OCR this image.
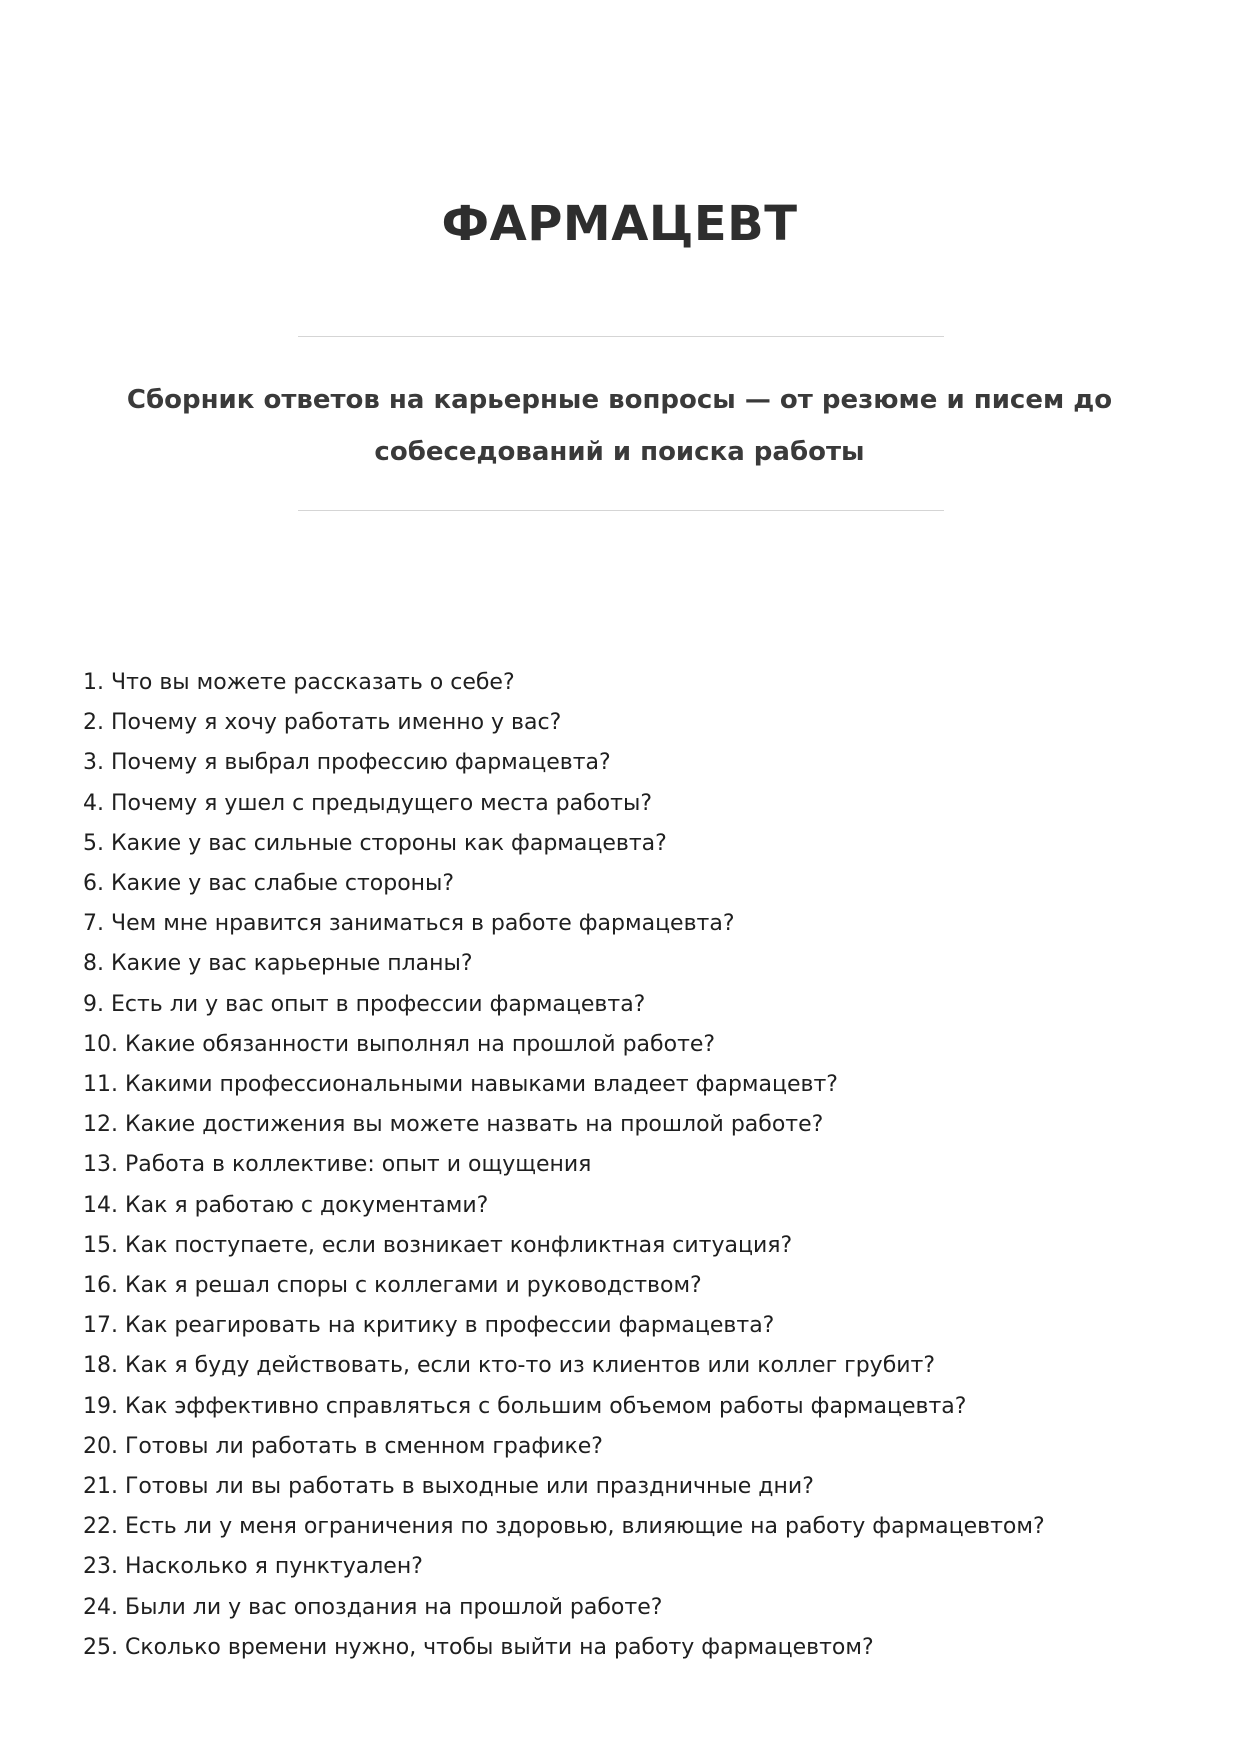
ФАРМАЦЕВТ

Сборник ответов на карьерные вопросы — от резюме и писем до
собеседований и поиска работы

1. Что вы можете рассказать о себе?
2. Почему я хочу работать именно у вас?
3. Почему я выбрал профессию фармацевта?
4. Почему я ушел с предыдущего места работы?
5. Какие у вас сильные стороны как фармацевта?
6. Какие у вас слабые стороны?
7. Чем мне нравится заниматься в работе фармацевта?
8. Какие у вас карьерные планы?
9. Есть ли у вас опыт в профессии фармацевта?
10. Какие обязанности выполнял на прошлой работе?
11. Какими профессиональными навыками владеет фармацевт?
12. Какие достижения вы можете назвать на прошлой работе?
13. Работа в коллективе: опыт и ощущения
14. Как я работаю с документами?
15. Как поступаете, если возникает конфликтная ситуация?
16. Как я решал споры с коллегами и руководством?
17. Как реагировать на критику в профессии фармацевта?
18. Как я буду действовать, если кто-то из клиентов или коллег грубит?
19. Как эффективно справляться с большим объемом работы фармацевта?
20. Готовы ли работать в сменном графике?
21. Готовы ли вы работать в выходные или праздничные дни?
22. Есть ли у меня ограничения по здоровью, влияющие на работу фармацевтом?
23. Насколько я пунктуален?
24. Были ли у вас опоздания на прошлой работе?
25. Сколько времени нужно, чтобы выйти на работу фармацевтом?
